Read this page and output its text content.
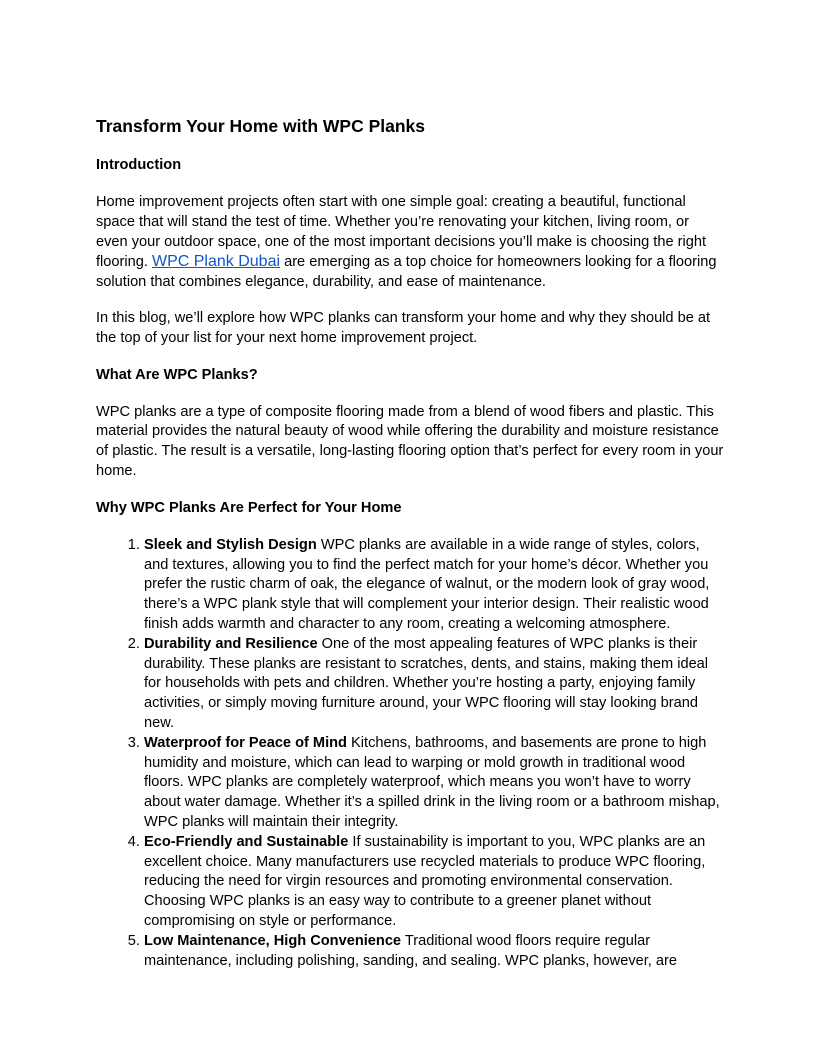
Transform Your Home with WPC Planks
Introduction

Home improvement projects often start with one simple goal: creating a beautiful, functional space that will stand the test of time. Whether you’re renovating your kitchen, living room, or even your outdoor space, one of the most important decisions you’ll make is choosing the right flooring. WPC Plank Dubai are emerging as a top choice for homeowners looking for a flooring solution that combines elegance, durability, and ease of maintenance.

In this blog, we’ll explore how WPC planks can transform your home and why they should be at the top of your list for your next home improvement project.

What Are WPC Planks?

WPC planks are a type of composite flooring made from a blend of wood fibers and plastic. This material provides the natural beauty of wood while offering the durability and moisture resistance of plastic. The result is a versatile, long-lasting flooring option that’s perfect for every room in your home.

Why WPC Planks Are Perfect for Your Home
1. Sleek and Stylish Design WPC planks are available in a wide range of styles, colors, and textures, allowing you to find the perfect match for your home’s décor. Whether you prefer the rustic charm of oak, the elegance of walnut, or the modern look of gray wood, there’s a WPC plank style that will complement your interior design. Their realistic wood finish adds warmth and character to any room, creating a welcoming atmosphere.
2. Durability and Resilience One of the most appealing features of WPC planks is their durability. These planks are resistant to scratches, dents, and stains, making them ideal for households with pets and children. Whether you’re hosting a party, enjoying family activities, or simply moving furniture around, your WPC flooring will stay looking brand new.
3. Waterproof for Peace of Mind Kitchens, bathrooms, and basements are prone to high humidity and moisture, which can lead to warping or mold growth in traditional wood floors. WPC planks are completely waterproof, which means you won’t have to worry about water damage. Whether it’s a spilled drink in the living room or a bathroom mishap, WPC planks will maintain their integrity.
4. Eco-Friendly and Sustainable If sustainability is important to you, WPC planks are an excellent choice. Many manufacturers use recycled materials to produce WPC flooring, reducing the need for virgin resources and promoting environmental conservation. Choosing WPC planks is an easy way to contribute to a greener planet without compromising on style or performance.
5. Low Maintenance, High Convenience Traditional wood floors require regular maintenance, including polishing, sanding, and sealing. WPC planks, however, are
